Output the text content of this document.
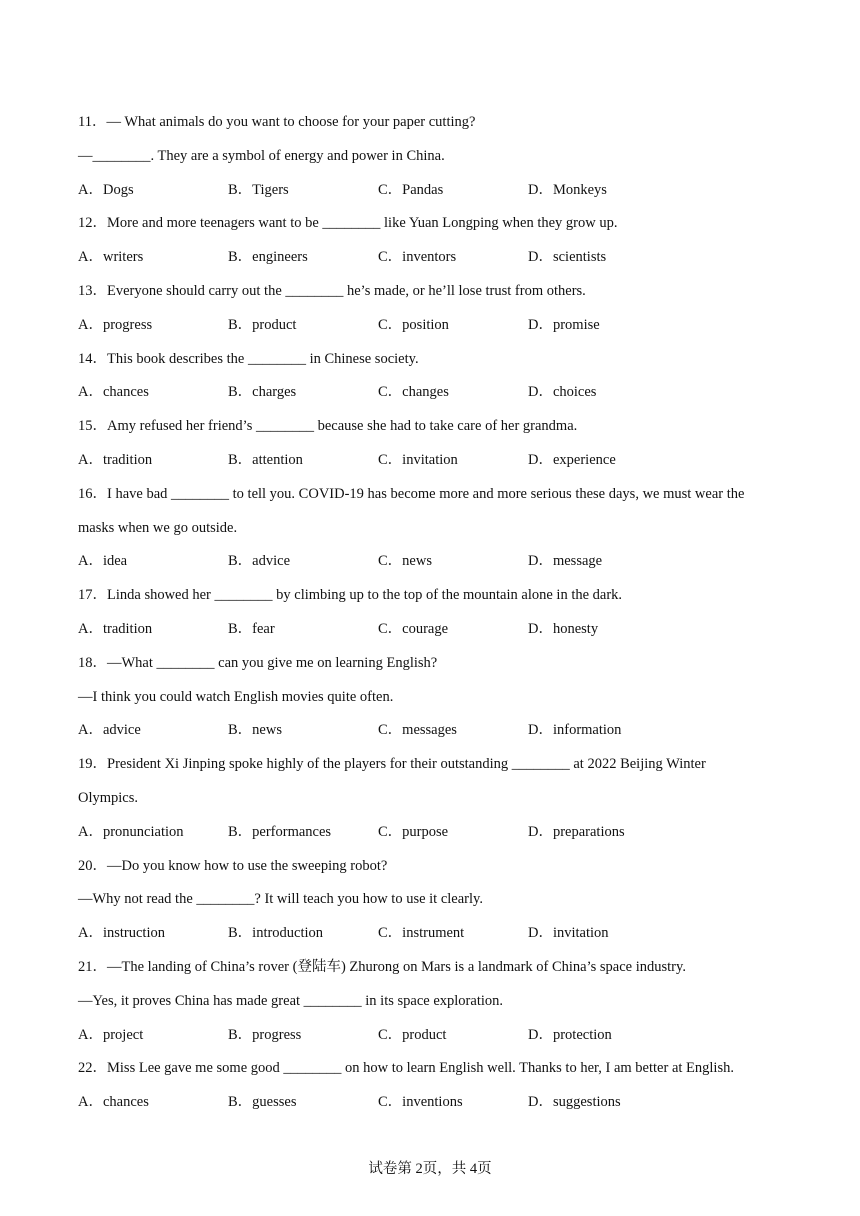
11．— What animals do you want to choose for your paper cutting?
—________. They are a symbol of energy and power in China.
A．Dogs	B．Tigers	C．Pandas	D．Monkeys
12．More and more teenagers want to be ________ like Yuan Longping when they grow up.
A．writers	B．engineers	C．inventors	D．scientists
13．Everyone should carry out the ________ he’s made, or he’ll lose trust from others.
A．progress	B．product	C．position	D．promise
14．This book describes the ________ in Chinese society.
A．chances	B．charges	C．changes	D．choices
15．Amy refused her friend’s ________ because she had to take care of her grandma.
A．tradition	B．attention	C．invitation	D．experience
16．I have bad ________ to tell you. COVID-19 has become more and more serious these days, we must wear the
masks when we go outside.
A．idea	B．advice	C．news	D．message
17．Linda showed her ________ by climbing up to the top of the mountain alone in the dark.
A．tradition	B．fear	C．courage	D．honesty
18．—What ________ can you give me on learning English?
—I think you could watch English movies quite often.
A．advice	B．news	C．messages	D．information
19．President Xi Jinping spoke highly of the players for their outstanding ________ at 2022 Beijing Winter
Olympics.
A．pronunciation	B．performances	C．purpose	D．preparations
20．—Do you know how to use the sweeping robot?
—Why not read the ________? It will teach you how to use it clearly.
A．instruction	B．introduction	C．instrument	D．invitation
21．—The landing of China’s rover (登陆车) Zhurong on Mars is a landmark of China’s space industry.
—Yes, it proves China has made great ________ in its space exploration.
A．project	B．progress	C．product	D．protection
22．Miss Lee gave me some good ________ on how to learn English well. Thanks to her, I am better at English.
A．chances	B．guesses	C．inventions	D．suggestions
试卷第 2页，共 4页
